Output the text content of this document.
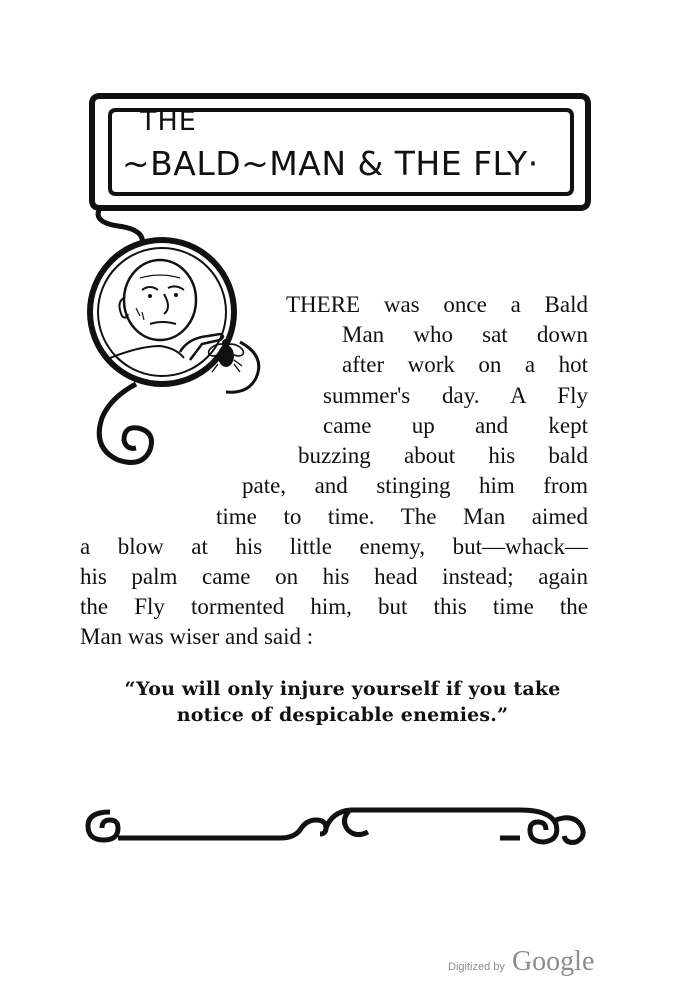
THE
~BALD~MAN & THE FLY·
THERE was once a Bald
Man who sat down
after work on a hot
summer's day. A Fly
came up and kept
buzzing about his bald
pate, and stinging him from
time to time. The Man aimed
a blow at his little enemy, but—whack—
his palm came on his head instead; again
the Fly tormented him, but this time the
Man was wiser and said :
“You will only injure yourself if you take
notice of despicable enemies.”
Digitized by Google
